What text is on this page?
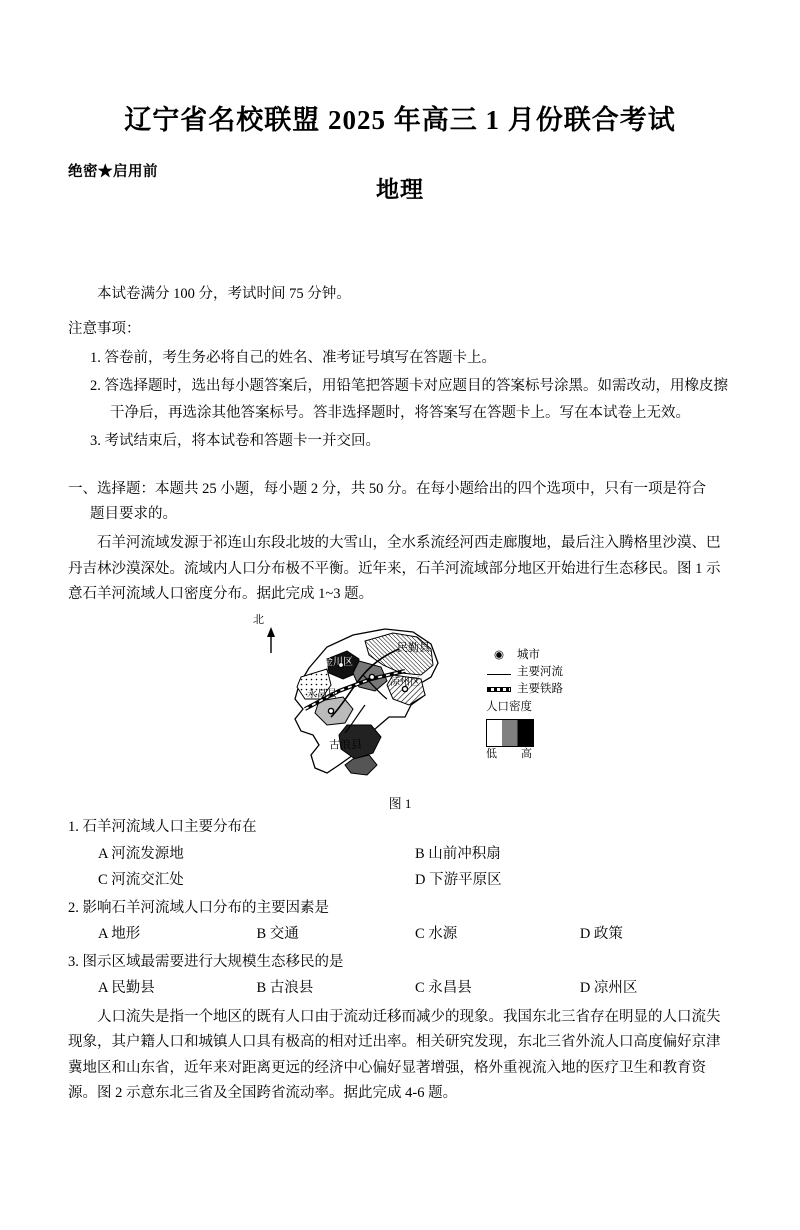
绝密★启用前
辽宁省名校联盟 2025 年高三 1 月份联合考试
地理
本试卷满分 100 分，考试时间 75 分钟。
注意事项：
1. 答卷前，考生务必将自己的姓名、准考证号填写在答题卡上。
2. 答选择题时，选出每小题答案后，用铅笔把答题卡对应题目的答案标号涂黑。如需改动，用橡皮擦干净后，再选涂其他答案标号。答非选择题时，将答案写在答题卡上。写在本试卷上无效。
3. 考试结束后，将本试卷和答题卡一并交回。
一、选择题：本题共 25 小题，每小题 2 分，共 50 分。在每小题给出的四个选项中，只有一项是符合
题目要求的。
石羊河流域发源于祁连山东段北坡的大雪山，全水系流经河西走廊腹地，最后注入腾格里沙漠、巴丹吉林沙漠深处。流域内人口分布极不平衡。近年来，石羊河流域部分地区开始进行生态移民。图 1 示意石羊河流域人口密度分布。据此完成 1~3 题。
民勤县
金川区
凉州区
永昌县
古浪县
北
◉	城市
主要河流
主要铁路
人口密度
低 高
图 1
1. 石羊河流域人口主要分布在
A 河流发源地	B 山前冲积扇
C 河流交汇处	D 下游平原区
2. 影响石羊河流域人口分布的主要因素是
A 地形	B 交通	C 水源	D 政策
3. 图示区域最需要进行大规模生态移民的是
A 民勤县	B 古浪县	C 永昌县	D 凉州区
人口流失是指一个地区的既有人口由于流动迁移而减少的现象。我国东北三省存在明显的人口流失现象，其户籍人口和城镇人口具有极高的相对迁出率。相关研究发现，东北三省外流人口高度偏好京津冀地区和山东省，近年来对距离更远的经济中心偏好显著增强，格外重视流入地的医疗卫生和教育资源。图 2 示意东北三省及全国跨省流动率。据此完成 4-6 题。
